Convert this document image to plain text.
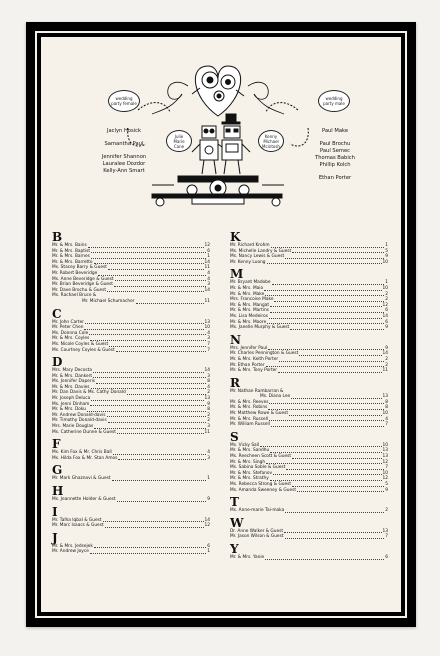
wedding party female
wedding party male
Julie Marie Cane
Kenny Michael Mcintosh
Jaclyn Hosick
Samantha Paul
Jennifer Shannon
Lauralee Dozdor
Kelly-Ann Smart
Paul Make
Paul Brochu
Paul Semec
Thomas Babich
Phillip Kolch
Ethan Porter
B
Mr. & Mrs. Bains	12
Mr. & Mrs. Baptist	6
Mr. & Mrs. Barnes	1
Mr. & Mrs. Barretto	14
Ms. Stacey Barry & Guest	11
Mr. Robert Beveridge	4
Ms. Anne Beveridge & Guest	4
Mr. Brian Beveridge & Guest	3
Mr. Dave Brochu & Guest	14
Ms. Rachael Bruce &
Mr. Michael Schumacher	11
C
Mr. John Carter	13
Mr. Peter Chen	10
Ms. Donnna Cole	4
Mr. & Mrs. Coyles	3
Ms. Nicole Coyles & Guest	7
Ms. Courtney Coyles & Guest	7
D
Mrs. Mary Decosta	14
Mr. & Mrs. Dankert	3
Ms. Jennifer Daperis	8
Mr. & Mrs. Davies	4
Mr. Dan Davis & Ms. Cathy Donald	2
Mr. Joseph Deluca	13
Ms. Jenni Dinham	9
Mr. & Mrs. Doku	8
Mr. Andrew Donald-davis	2
Mr. Timothy Donald-davis	2
Mrs. Marie Douglas	3
Ms. Catherine Dunne & Guest	11
F
Ms. Kim Fox & Mr. Chris Ball	4
Ms. Hilda Fox & Mr. Stan Amos	3
G
Mr. Mark Ghaznavi & Guest	1
H
Ms. Jeannette Holder & Guest	9
I
Mr. Talha Iqbal & Guest	14
Mr. Marc Isaacs & Guest	12
J
Mr. & Mrs. Jedsejek	6
Mr. Andrew Joyce	1
K
Mr. Richard Krohm	1
Ms. Michelle Landry & Guest	5
Ms. Nancy Lewis & Guest	9
Mr. Kenny Luong	10
M
Mr. Bryant Madobe	1
Mr. & Mrs. Maio	10
Mr. & Mrs. Make	2
Mrs. Francoise Make	2
Mr. & Mrs. Mangat	12
Mr. & Mrs. Martins	6
Ms. Lisa Medeiros	14
Mr. & Mrs. Moore	6
Ms. Janelle Murphy & Guest	9
N
Mrs. Jennifer Paul	9
Mr. Charles Pennington & Guest	14
Mr. & Mrs. Keith Porter	2
Mr. Ethan Porter	2
Mr. & Mrs. Tony Porter	11
R
Mr. Nathan Rambarran &
Ms. Diana Lee	13
Mr. & Mrs. Reeves	8
Mr. & Mrs. Robins	8
Mr. Matthew Rowe & Guest	10
Mr. & Mrs. Russell	4
Mr. William Russell	7
S
Ms. Vicky Sall	10
Mr. & Mrs. Sandhu	13
Ms. Reecheen Scott & Guest	13
Mr. & Mrs. Singh	12
Ms. Sabina Soble & Guest	7
Mr. & Mrs. Stefanov	10
Mr. & Mrs. Strathy	12
Ms. Rebecca Strong & Guest	5
Ms. Amanda Sweeney & Guest	9
T
Ms. Anne-marie Tai-maka	2
W
Dr. Anne Walker & Guest	13
Mr. Jason Wilson & Guest	7
Y
Mr. & Mrs. Yanie	6
